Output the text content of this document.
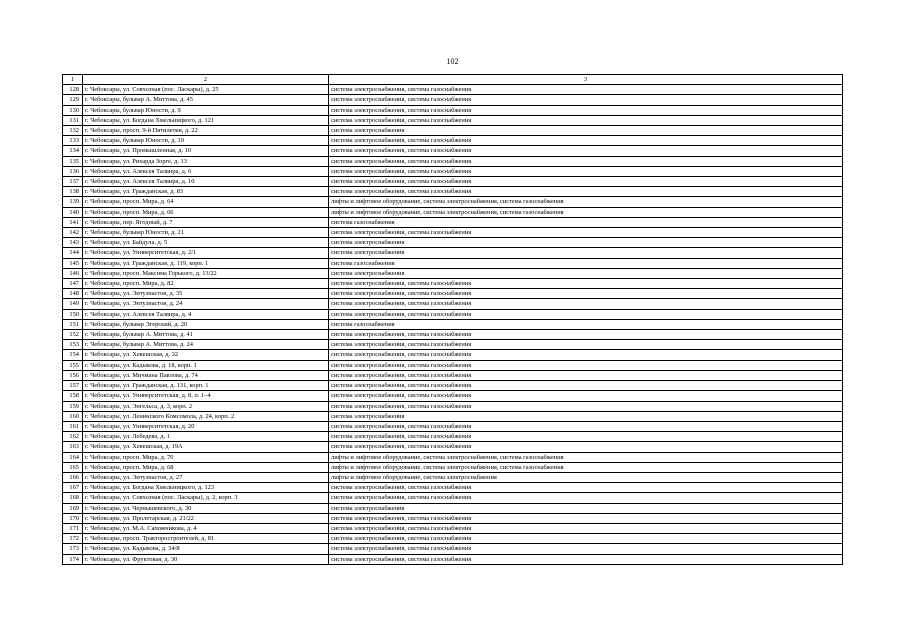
102
1	2	3
128	г. Чебоксары, ул. Совхозная (пос. Ласкары), д. 25	система электроснабжения, система газоснабжения
129	г. Чебоксары, бульвар А. Миттова, д. 45	система электроснабжения, система газоснабжения
130	г. Чебоксары, бульвар Юности, д. 9	система электроснабжения, система газоснабжения
131	г. Чебоксары, ул. Богдана Хмельницкого, д. 121	система электроснабжения, система газоснабжения
132	г. Чебоксары, просп. 9-й Пятилетки, д. 22	система электроснабжения
133	г. Чебоксары, бульвар Юности, д. 19	система электроснабжения, система газоснабжения
134	г. Чебоксары, ул. Промышленная, д. 10	система электроснабжения, система газоснабжения
135	г. Чебоксары, ул. Рихарда Зорге, д. 13	система электроснабжения, система газоснабжения
136	г. Чебоксары, ул. Алексея Талвира, д. 6	система электроснабжения, система газоснабжения
137	г. Чебоксары, ул. Алексея Талвира, д. 10	система электроснабжения, система газоснабжения
138	г. Чебоксары, ул. Гражданская, д. 83	система электроснабжения, система газоснабжения
139	г. Чебоксары, просп. Мира, д. 64	лифты и лифтовое оборудование, система электроснабжения, система газоснабжения
140	г. Чебоксары, просп. Мира, д. 66	лифты и лифтовое оборудование, система электроснабжения, система газоснабжения
141	г. Чебоксары, пер. Ягодный, д. 7	система газоснабжения
142	г. Чебоксары, бульвар Юности, д. 21	система электроснабжения, система газоснабжения
143	г. Чебоксары, ул. Байдула, д. 5	система электроснабжения
144	г. Чебоксары, ул. Университетская, д. 2/1	система электроснабжения
145	г. Чебоксары, ул. Гражданская, д. 119, корп. 1	система газоснабжения
146	г. Чебоксары, просп. Максима Горького, д. 13/22	система электроснабжения
147	г. Чебоксары, просп. Мира, д. 82	система электроснабжения, система газоснабжения
148	г. Чебоксары, ул. Энтузиастов, д. 35	система электроснабжения, система газоснабжения
149	г. Чебоксары, ул. Энтузиастов, д. 24	система электроснабжения, система газоснабжения
150	г. Чебоксары, ул. Алексея Талвира, д. 4	система электроснабжения, система газоснабжения
151	г. Чебоксары, бульвар Эгерский, д. 20	система газоснабжения
152	г. Чебоксары, бульвар А. Миттова, д. 41	система электроснабжения, система газоснабжения
153	г. Чебоксары, бульвар А. Миттова, д. 24	система электроснабжения, система газоснабжения
154	г. Чебоксары, ул. Хевешская, д. 32	система электроснабжения, система газоснабжения
155	г. Чебоксары, ул. Кадыкова, д. 18, корп. 1	система электроснабжения, система газоснабжения
156	г. Чебоксары, ул. Мичмана Павлова, д. 74	система электроснабжения, система газоснабжения
157	г. Чебоксары, ул. Гражданская, д. 131, корп. 1	система электроснабжения, система газоснабжения
158	г. Чебоксары, ул. Университетская, д. 8, п. 1–4	система электроснабжения, система газоснабжения
159	г. Чебоксары, ул. Энгельса, д. 3, корп. 2	система электроснабжения, система газоснабжения
160	г. Чебоксары, ул. Ленинского Комсомола, д. 24, корп. 2	система электроснабжения
161	г. Чебоксары, ул. Университетская, д. 20	система электроснабжения, система газоснабжения
162	г. Чебоксары, ул. Лебедева, д. 1	система электроснабжения, система газоснабжения
163	г. Чебоксары, ул. Хевешская, д. 19А	система электроснабжения, система газоснабжения
164	г. Чебоксары, просп. Мира, д. 70	лифты и лифтовое оборудование, система электроснабжения, система газоснабжения
165	г. Чебоксары, просп. Мира, д. 68	лифты и лифтовое оборудование, система электроснабжения, система газоснабжения
166	г. Чебоксары, ул. Энтузиастов, д. 27	лифты и лифтовое оборудование, система электроснабжения
167	г. Чебоксары, ул. Богдана Хмельницкого, д. 123	система электроснабжения, система газоснабжения
168	г. Чебоксары, ул. Совхозная (пос. Ласкары), д. 2, корп. 3	система электроснабжения, система газоснабжения
169	г. Чебоксары, ул. Чернышевского, д. 30	система электроснабжения
170	г. Чебоксары, ул. Пролетарская, д. 21/22	система электроснабжения, система газоснабжения
171	г. Чебоксары, ул. М.А. Сапожникова, д. 4	система электроснабжения, система газоснабжения
172	г. Чебоксары, просп. Тракторостроителей, д. 81	система электроснабжения, система газоснабжения
173	г. Чебоксары, ул. Кадыкова, д. 34/8	система электроснабжения, система газоснабжения
174	г. Чебоксары, ул. Фруктовая, д. 30	система электроснабжения, система газоснабжения
